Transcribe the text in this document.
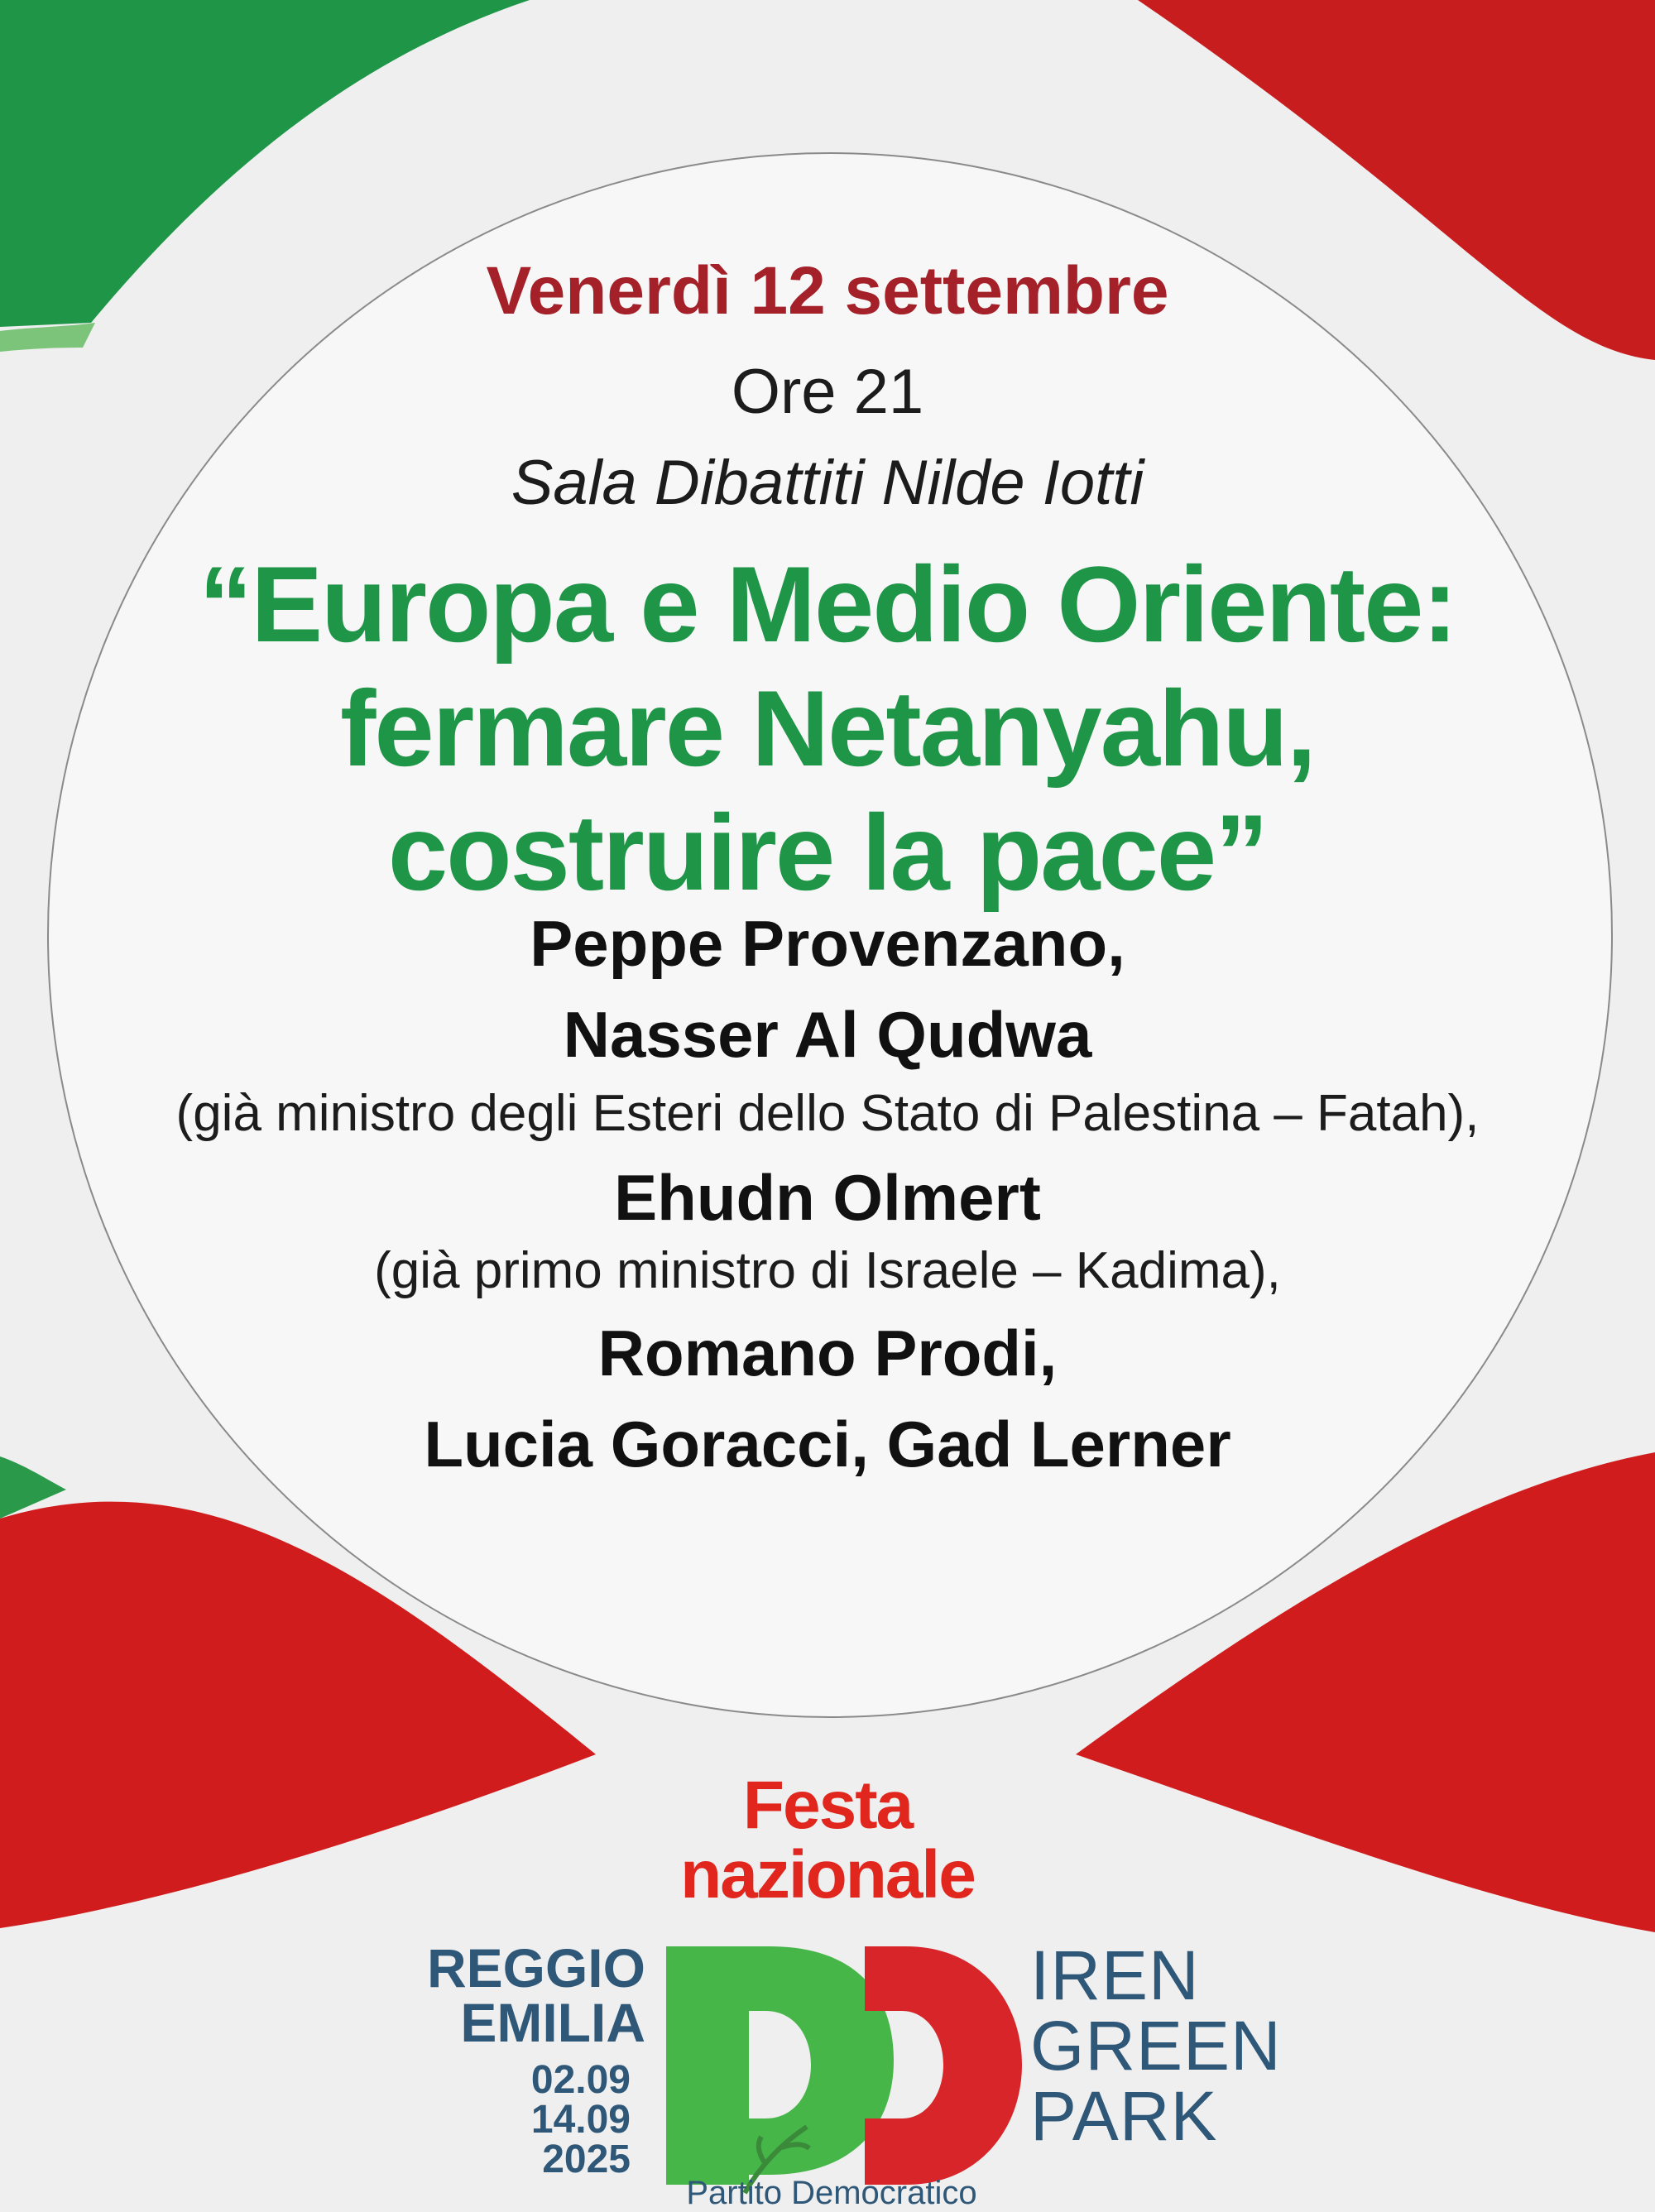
Venerdì 12 settembre

Ore 21

Sala Dibattiti Nilde Iotti

“Europa e Medio Oriente:

fermare Netanyahu,

costruire la pace”

Peppe Provenzano,

Nasser Al Qudwa

(già ministro degli Esteri dello Stato di Palestina – Fatah),

Ehudn Olmert

(già primo ministro di Israele – Kadima),

Romano Prodi,

Lucia Goracci, Gad Lerner

Festa

nazionale

REGGIO

EMILIA

02.09

14.09

2025

IREN

GREEN

PARK

Partito Democratico
